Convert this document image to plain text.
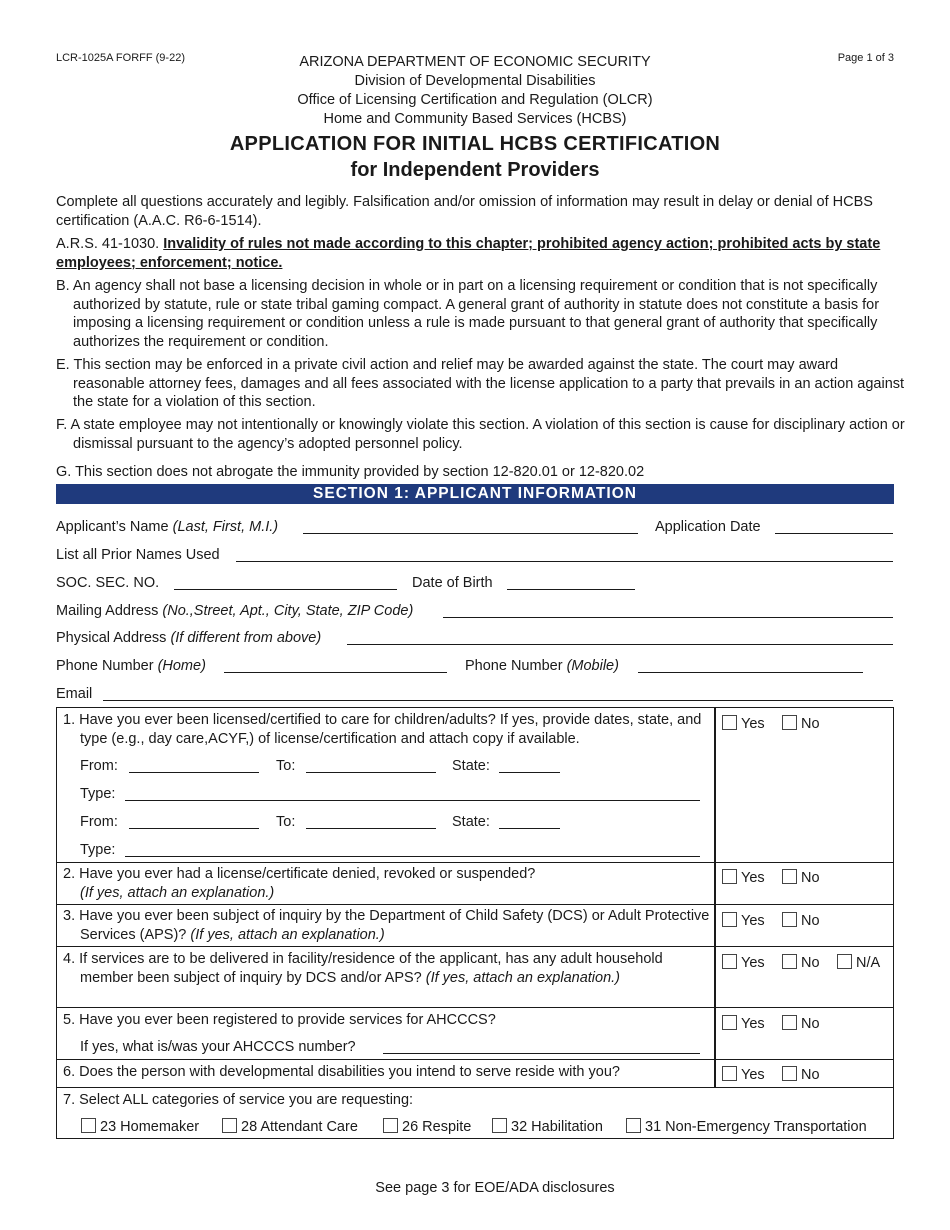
LCR-1025A FORFF (9-22)	Page 1 of 3
ARIZONA DEPARTMENT OF ECONOMIC SECURITY
Division of Developmental Disabilities
Office of Licensing Certification and Regulation (OLCR)
Home and Community Based Services (HCBS)
APPLICATION FOR INITIAL HCBS CERTIFICATION
for Independent Providers
Complete all questions accurately and legibly. Falsification and/or omission of information may result in delay or denial of HCBS certification (A.A.C. R6-6-1514).
A.R.S. 41-1030. Invalidity of rules not made according to this chapter; prohibited agency action; prohibited acts by state employees; enforcement; notice.
B. An agency shall not base a licensing decision in whole or in part on a licensing requirement or condition that is not specifically authorized by statute, rule or state tribal gaming compact. A general grant of authority in statute does not constitute a basis for imposing a licensing requirement or condition unless a rule is made pursuant to that general grant of authority that specifically authorizes the requirement or condition.
E. This section may be enforced in a private civil action and relief may be awarded against the state. The court may award reasonable attorney fees, damages and all fees associated with the license application to a party that prevails in an action against the state for a violation of this section.
F. A state employee may not intentionally or knowingly violate this section. A violation of this section is cause for disciplinary action or dismissal pursuant to the agency’s adopted personnel policy.
G. This section does not abrogate the immunity provided by section 12-820.01 or 12-820.02
SECTION 1: APPLICANT INFORMATION
Applicant’s Name (Last, First, M.I.)	Application Date
List all Prior Names Used
SOC. SEC. NO.	Date of Birth
Mailing Address (No.,Street, Apt., City, State, ZIP Code)
Physical Address (If different from above)
Phone Number (Home)	Phone Number (Mobile)
Email
1. Have you ever been licensed/certified to care for children/adults? If yes, provide dates, state, and type (e.g., day care,ACYF,) of license/certification and attach copy if available.
From:	To:	State:
Type:
From:	To:	State:
Type:
Yes	No
2. Have you ever had a license/certificate denied, revoked or suspended?
(If yes, attach an explanation.)
Yes	No
3. Have you ever been subject of inquiry by the Department of Child Safety (DCS) or Adult Protective Services (APS)? (If yes, attach an explanation.)
Yes	No
4. If services are to be delivered in facility/residence of the applicant, has any adult household member been subject of inquiry by DCS and/or APS? (If yes, attach an explanation.)
Yes	No	N/A
5. Have you ever been registered to provide services for AHCCCS?
If yes, what is/was your AHCCCS number?
Yes	No
6. Does the person with developmental disabilities you intend to serve reside with you?	Yes	No
7. Select ALL categories of service you are requesting:
23 Homemaker	28 Attendant Care	26 Respite	32 Habilitation	31 Non-Emergency Transportation
See page 3 for EOE/ADA disclosures
